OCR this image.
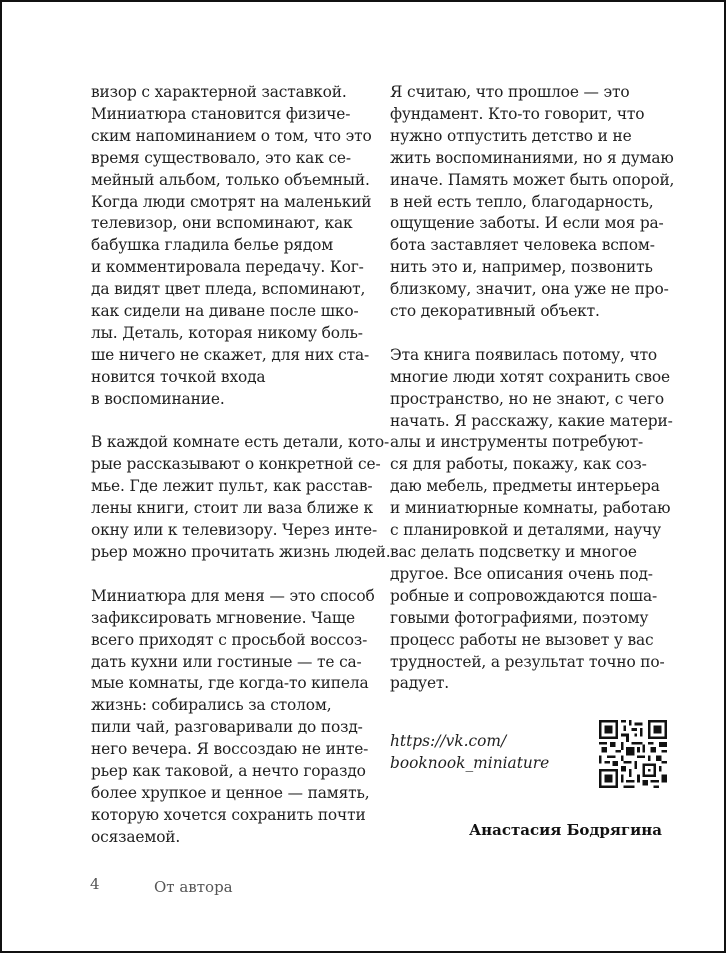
визор с характерной заставкой.
Миниатюра становится физиче-
ским напоминанием о том, что это
время существовало, это как се-
мейный альбом, только объемный.
Когда люди смотрят на маленький
телевизор, они вспоминают, как
бабушка гладила белье рядом
и комментировала передачу. Ког-
да видят цвет пледа, вспоминают,
как сидели на диване после шко-
лы. Деталь, которая никому боль-
ше ничего не скажет, для них ста-
новится точкой входа
в воспоминание.

В каждой комнате есть детали, кото-
рые рассказывают о конкретной се-
мье. Где лежит пульт, как расстав-
лены книги, стоит ли ваза ближе к
окну или к телевизору. Через инте-
рьер можно прочитать жизнь людей.

Миниатюра для меня — это способ
зафиксировать мгновение. Чаще
всего приходят с просьбой воссоз-
дать кухни или гостиные — те са-
мые комнаты, где когда-то кипела
жизнь: собирались за столом,
пили чай, разговаривали до позд-
него вечера. Я воссоздаю не инте-
рьер как таковой, а нечто гораздо
более хрупкое и ценное — память,
которую хочется сохранить почти
осязаемой.

Я считаю, что прошлое — это
фундамент. Кто-то говорит, что
нужно отпустить детство и не
жить воспоминаниями, но я думаю
иначе. Память может быть опорой,
в ней есть тепло, благодарность,
ощущение заботы. И если моя ра-
бота заставляет человека вспом-
нить это и, например, позвонить
близкому, значит, она уже не про-
сто декоративный объект.

Эта книга появилась потому, что
многие люди хотят сохранить свое
пространство, но не знают, с чего
начать. Я расскажу, какие матери-
алы и инструменты потребуют-
ся для работы, покажу, как соз-
даю мебель, предметы интерьера
и миниатюрные комнаты, работаю
с планировкой и деталями, научу
вас делать подсветку и многое
другое. Все описания очень под-
робные и сопровождаются поша-
говыми фотографиями, поэтому
процесс работы не вызовет у вас
трудностей, а результат точно по-
радует.

https://vk.com/
booknook_miniature
Анастасия Бодрягина
4	От автора
